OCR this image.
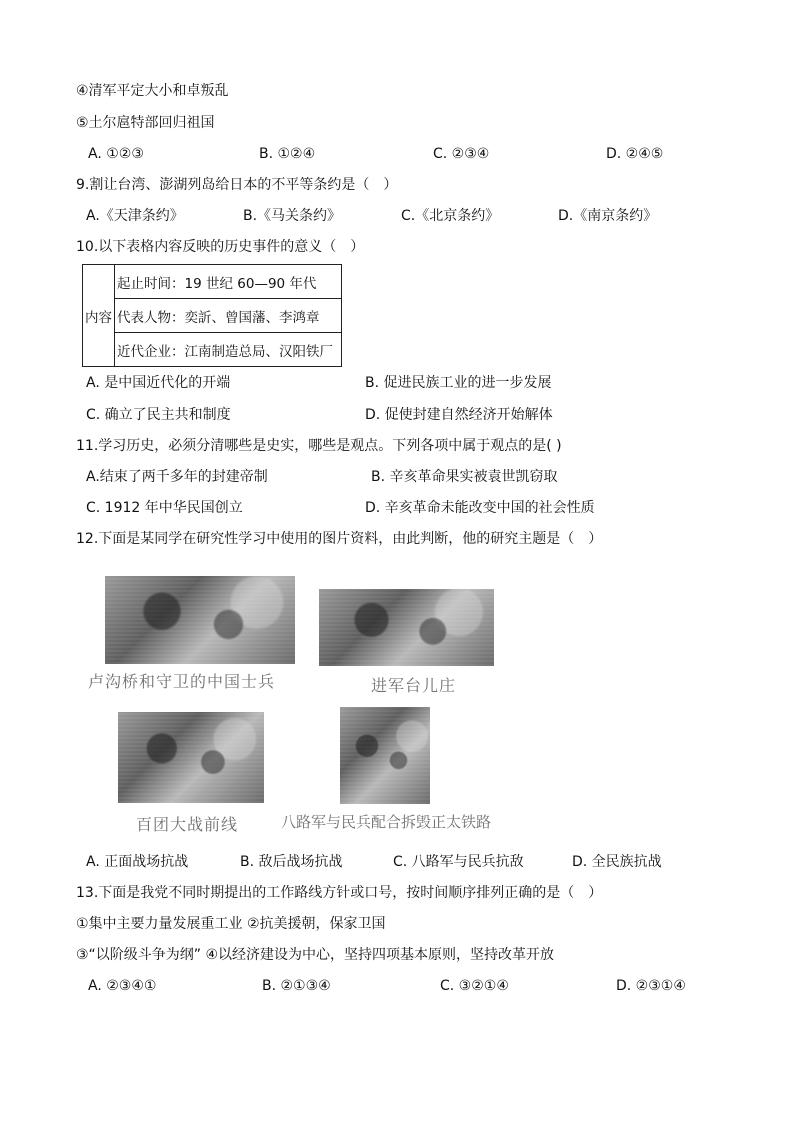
④清军平定大小和卓叛乱
⑤土尔扈特部回归祖国
A. ①②③	B. ①②④	C. ②③④	D. ②④⑤
9.割让台湾、澎湖列岛给日本的不平等条约是（　）
A.《天津条约》	B.《马关条约》	C.《北京条约》	D.《南京条约》
10.以下表格内容反映的历史事件的意义（　）
内容	起止时间：19 世纪 60—90 年代
代表人物：奕訢、曾国藩、李鸿章
近代企业：江南制造总局、汉阳铁厂
A. 是中国近代化的开端	B. 促进民族工业的进一步发展
C. 确立了民主共和制度	D. 促使封建自然经济开始解体
11.学习历史，必须分清哪些是史实，哪些是观点。下列各项中属于观点的是( )
A.结束了两千多年的封建帝制	B. 辛亥革命果实被袁世凯窃取
C. 1912 年中华民国创立	D. 辛亥革命未能改变中国的社会性质
12.下面是某同学在研究性学习中使用的图片资料，由此判断，他的研究主题是（　）
卢沟桥和守卫的中国士兵	进军台儿庄
百团大战前线	八路军与民兵配合拆毁正太铁路
A. 正面战场抗战	B. 敌后战场抗战	C. 八路军与民兵抗敌	D. 全民族抗战
13.下面是我党不同时期提出的工作路线方针或口号，按时间顺序排列正确的是（　）
①集中主要力量发展重工业 ②抗美援朝，保家卫国
③“以阶级斗争为纲” ④以经济建设为中心，坚持四项基本原则，坚持改革开放
A. ②③④①	B. ②①③④	C. ③②①④	D. ②③①④
